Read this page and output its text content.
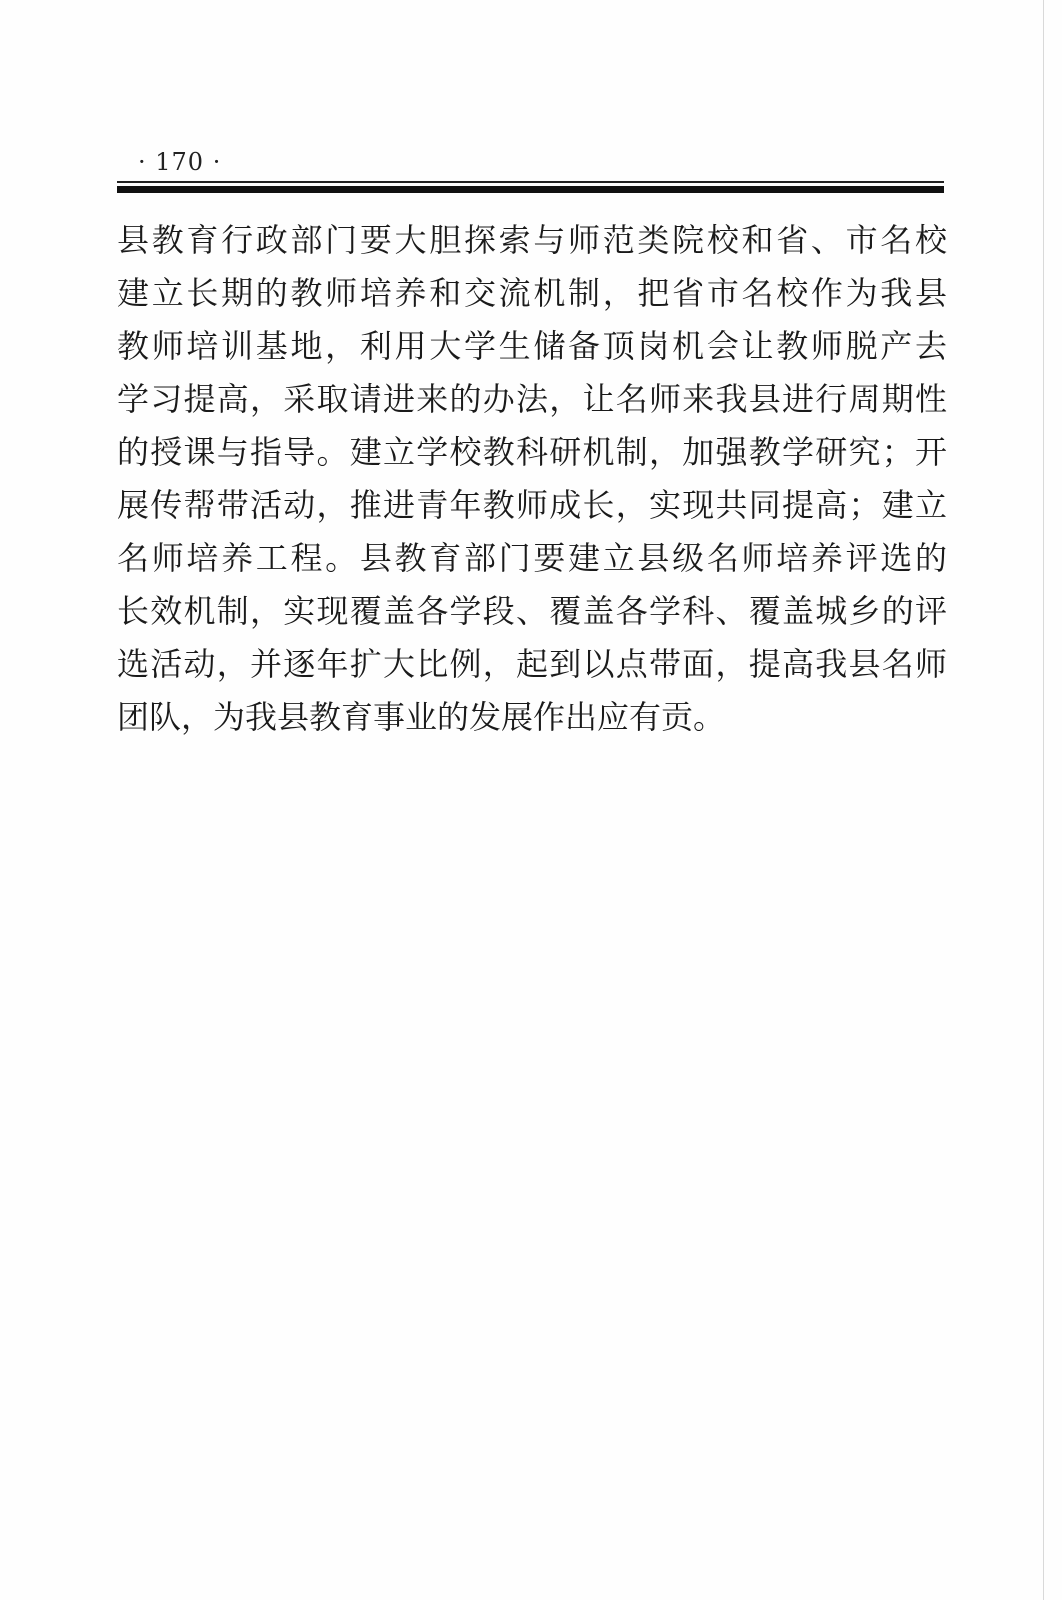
· 170 ·
县教育行政部门要大胆探索与师范类院校和省、市名校
建立长期的教师培养和交流机制，把省市名校作为我县
教师培训基地，利用大学生储备顶岗机会让教师脱产去
学习提高，采取请进来的办法，让名师来我县进行周期性
的授课与指导。建立学校教科研机制，加强教学研究；开
展传帮带活动，推进青年教师成长，实现共同提高；建立
名师培养工程。县教育部门要建立县级名师培养评选的
长效机制，实现覆盖各学段、覆盖各学科、覆盖城乡的评
选活动，并逐年扩大比例，起到以点带面，提高我县名师
团队，为我县教育事业的发展作出应有贡。
